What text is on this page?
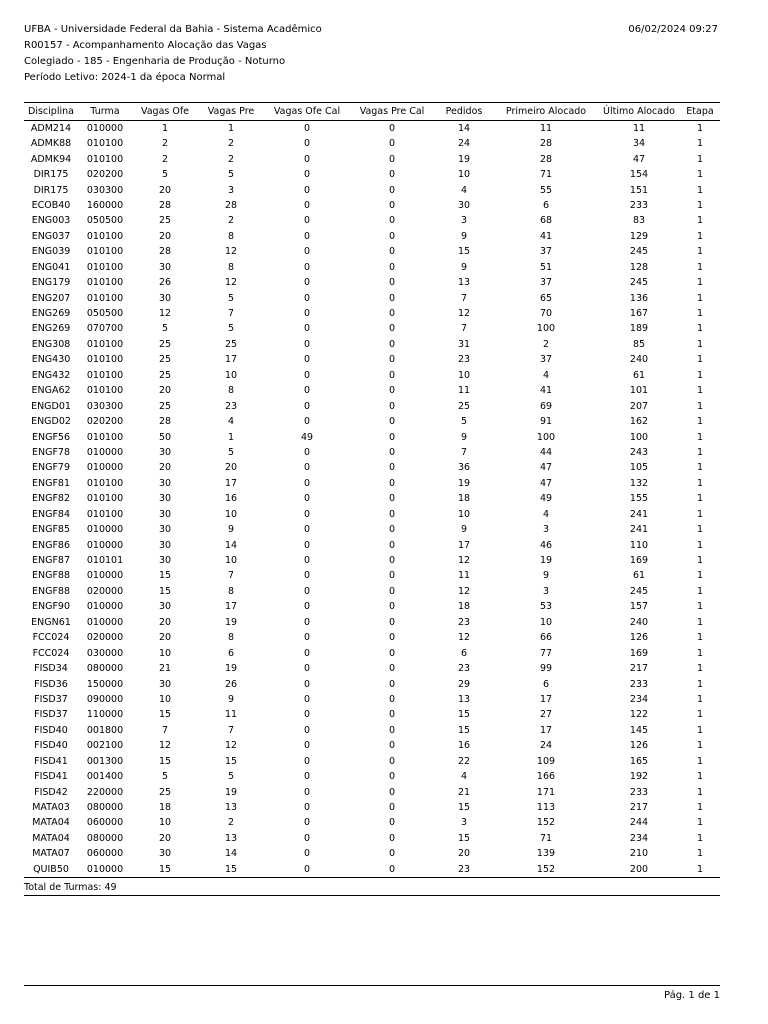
UFBA - Universidade Federal da Bahia - Sistema Acadêmico
R00157 - Acompanhamento Alocação das Vagas
Colegiado - 185 - Engenharia de Produção - Noturno
Período Letivo: 2024-1 da época Normal
06/02/2024 09:27
Disciplina	Turma	Vagas Ofe	Vagas Pre	Vagas Ofe Cal	Vagas Pre Cal	Pedidos	Primeiro Alocado	Último Alocado	Etapa
ADM214	010000	1	1	0	0	14	11	11	1
ADMK88	010100	2	2	0	0	24	28	34	1
ADMK94	010100	2	2	0	0	19	28	47	1
DIR175	020200	5	5	0	0	10	71	154	1
DIR175	030300	20	3	0	0	4	55	151	1
ECOB40	160000	28	28	0	0	30	6	233	1
ENG003	050500	25	2	0	0	3	68	83	1
ENG037	010100	20	8	0	0	9	41	129	1
ENG039	010100	28	12	0	0	15	37	245	1
ENG041	010100	30	8	0	0	9	51	128	1
ENG179	010100	26	12	0	0	13	37	245	1
ENG207	010100	30	5	0	0	7	65	136	1
ENG269	050500	12	7	0	0	12	70	167	1
ENG269	070700	5	5	0	0	7	100	189	1
ENG308	010100	25	25	0	0	31	2	85	1
ENG430	010100	25	17	0	0	23	37	240	1
ENG432	010100	25	10	0	0	10	4	61	1
ENGA62	010100	20	8	0	0	11	41	101	1
ENGD01	030300	25	23	0	0	25	69	207	1
ENGD02	020200	28	4	0	0	5	91	162	1
ENGF56	010100	50	1	49	0	9	100	100	1
ENGF78	010000	30	5	0	0	7	44	243	1
ENGF79	010000	20	20	0	0	36	47	105	1
ENGF81	010100	30	17	0	0	19	47	132	1
ENGF82	010100	30	16	0	0	18	49	155	1
ENGF84	010100	30	10	0	0	10	4	241	1
ENGF85	010000	30	9	0	0	9	3	241	1
ENGF86	010000	30	14	0	0	17	46	110	1
ENGF87	010101	30	10	0	0	12	19	169	1
ENGF88	010000	15	7	0	0	11	9	61	1
ENGF88	020000	15	8	0	0	12	3	245	1
ENGF90	010000	30	17	0	0	18	53	157	1
ENGN61	010000	20	19	0	0	23	10	240	1
FCC024	020000	20	8	0	0	12	66	126	1
FCC024	030000	10	6	0	0	6	77	169	1
FISD34	080000	21	19	0	0	23	99	217	1
FISD36	150000	30	26	0	0	29	6	233	1
FISD37	090000	10	9	0	0	13	17	234	1
FISD37	110000	15	11	0	0	15	27	122	1
FISD40	001800	7	7	0	0	15	17	145	1
FISD40	002100	12	12	0	0	16	24	126	1
FISD41	001300	15	15	0	0	22	109	165	1
FISD41	001400	5	5	0	0	4	166	192	1
FISD42	220000	25	19	0	0	21	171	233	1
MATA03	080000	18	13	0	0	15	113	217	1
MATA04	060000	10	2	0	0	3	152	244	1
MATA04	080000	20	13	0	0	15	71	234	1
MATA07	060000	30	14	0	0	20	139	210	1
QUIB50	010000	15	15	0	0	23	152	200	1
Total de Turmas: 49
Pág. 1 de 1
